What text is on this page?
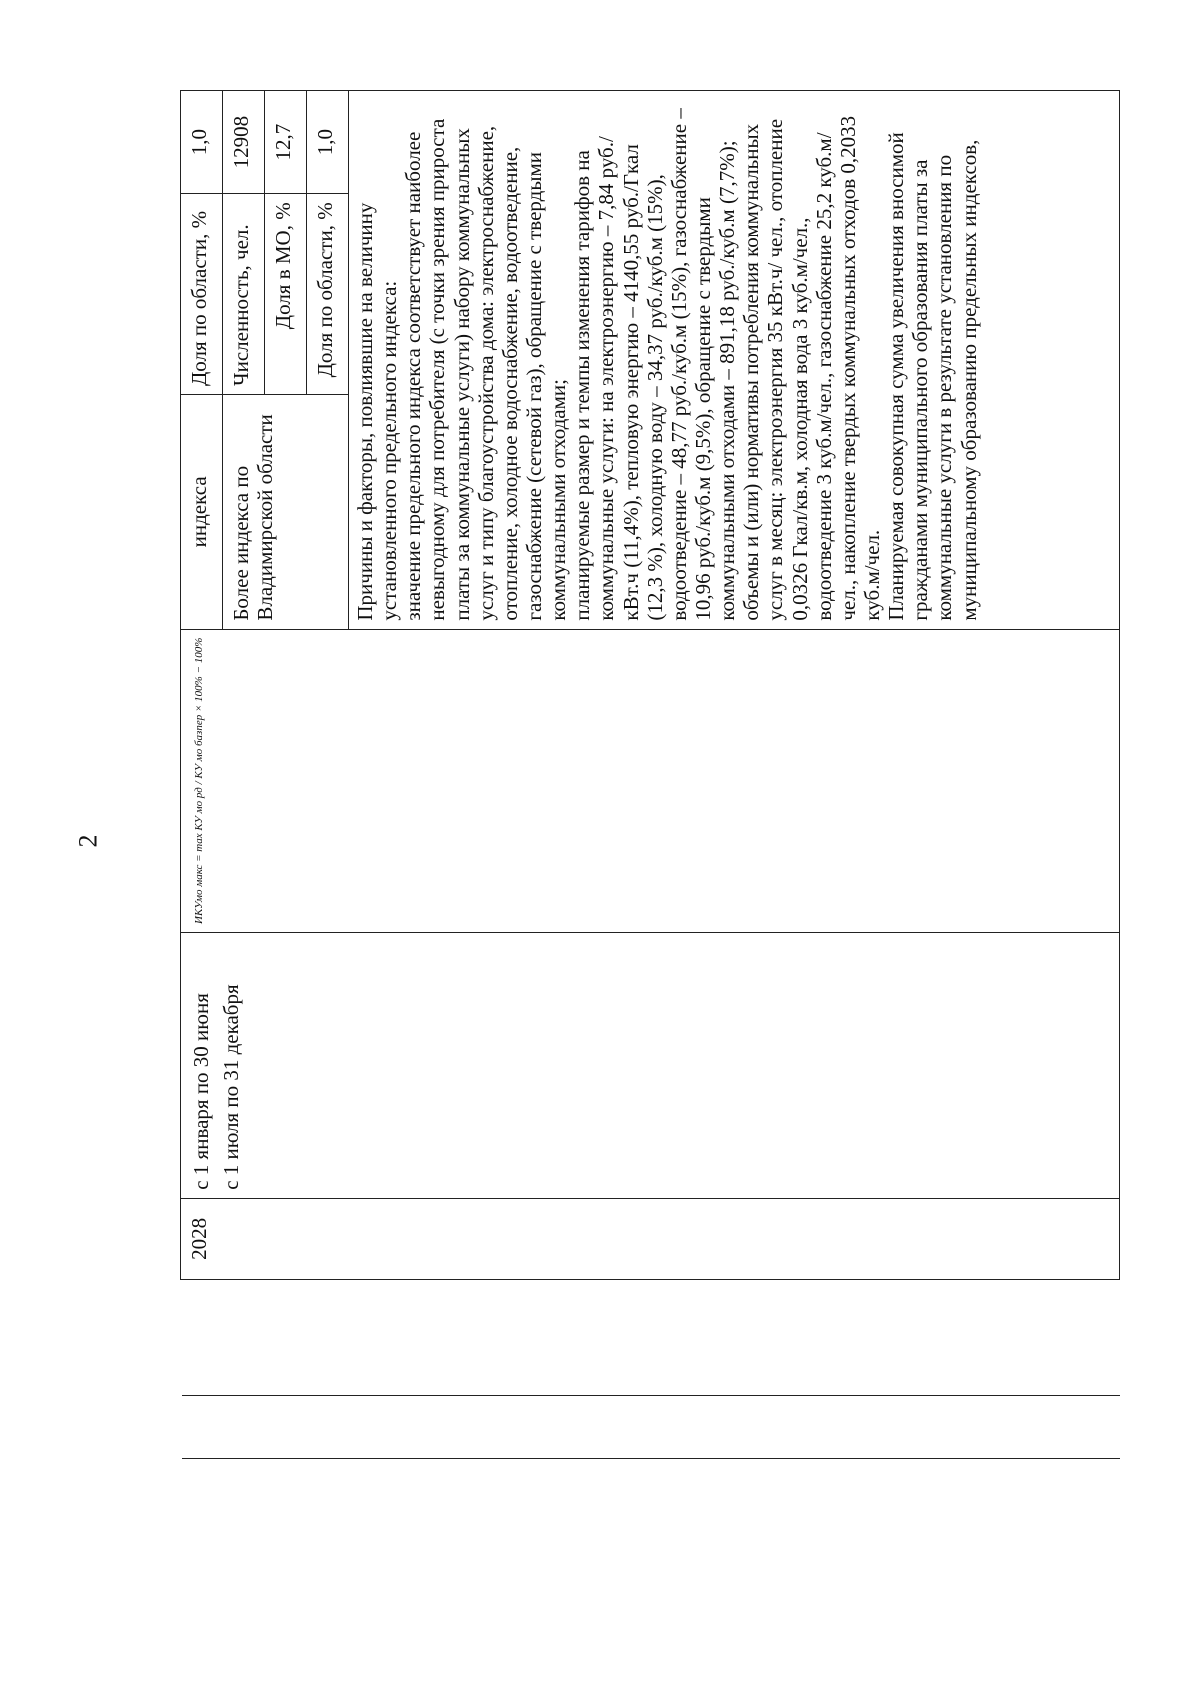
2
2028	с 1 января по 30 июня с 1 июля по 31 декабря	ИКУмо макс = max КУ мо рд / КУ мо базпер × 100% − 100%	индекса	Доля по области, %	1,0
			Более индекса по Владимирской области	Численность, чел.	12908
				Доля в МО, %	12,7
				Доля по области, %	1,0

			Причины и факторы, повлиявшие на величину установленного предельного индекса: значение предельного индекса соответствует наиболее невыгодному для потребителя (с точки зрения прироста платы за коммунальные услуги) набору коммунальных услуг и типу благоустройства дома: электроснабжение, отопление, холодное водоснабжение, водоотведение, газоснабжение (сетевой газ), обращение с твердыми коммунальными отходами; планируемые размер и темпы изменения тарифов на коммунальные услуги: на электроэнергию – 7,84 руб./кВт.ч (11,4%), тепловую энергию – 4140,55 руб./Гкал (12,3 %), холодную воду – 34,37 руб./куб.м (15%), водоотведение – 48,77 руб./куб.м (15%), газоснабжение – 10,96 руб./куб.м (9,5%), обращение с твердыми коммунальными отходами – 891,18 руб./куб.м (7,7%); объемы и (или) нормативы потребления коммунальных услуг в месяц: электроэнергия 35 кВт.ч/ чел., отопление 0,0326 Гкал/кв.м, холодная вода 3 куб.м/чел., водоотведение 3 куб.м/чел., газоснабжение 25,2 куб.м/чел., накопление твердых коммунальных отходов 0,2033 куб.м/чел. Планируемая совокупная сумма увеличения вносимой гражданами муниципального образования платы за коммунальные услуги в результате установления по муниципальному образованию предельных индексов,		
